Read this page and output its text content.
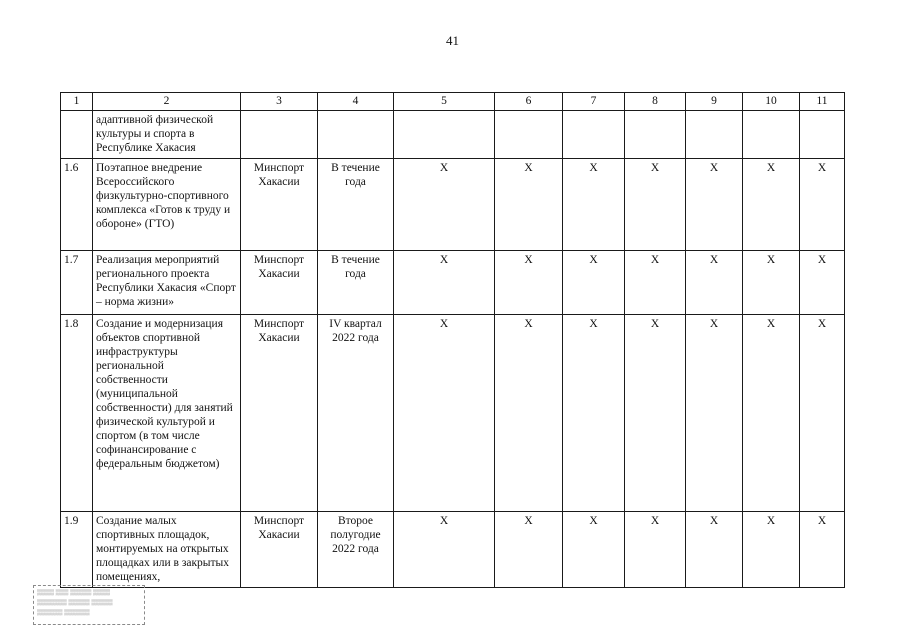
41
1	2	3	4	5	6	7	8	9	10	11
	адаптивной физической культуры и спорта в Республике Хакасия									
1.6	Поэтапное внедрение Всероссийского физкультурно-спортивного комплекса «Готов к труду и обороне» (ГТО)	Минспорт Хакасии	В течение года	Х	Х	Х	Х	Х	Х	Х
1.7	Реализация мероприятий регионального проекта Республики Хакасия «Спорт – норма жизни»	Минспорт Хакасии	В течение года	Х	Х	Х	Х	Х	Х	Х
1.8	Создание и модернизация объектов спортивной инфраструктуры региональной собственности (муниципальной собственности) для занятий физической культурой и спортом (в том числе софинансирование с федеральным бюджетом)	Минспорт Хакасии	IV квартал 2022 года	Х	Х	Х	Х	Х	Х	Х
1.9	Создание малых спортивных площадок, монтируемых на открытых площадках или в закрытых помещениях,	Минспорт Хакасии	Второе полугодие 2022 года	Х	Х	Х	Х	Х	Х	Х
▒▒▒▒ ▒▒▒ ▒▒▒▒▒ ▒▒▒▒
▒▒▒▒▒▒▒ ▒▒▒▒▒ ▒▒▒▒▒
▒▒▒▒▒▒ ▒▒▒▒▒▒
